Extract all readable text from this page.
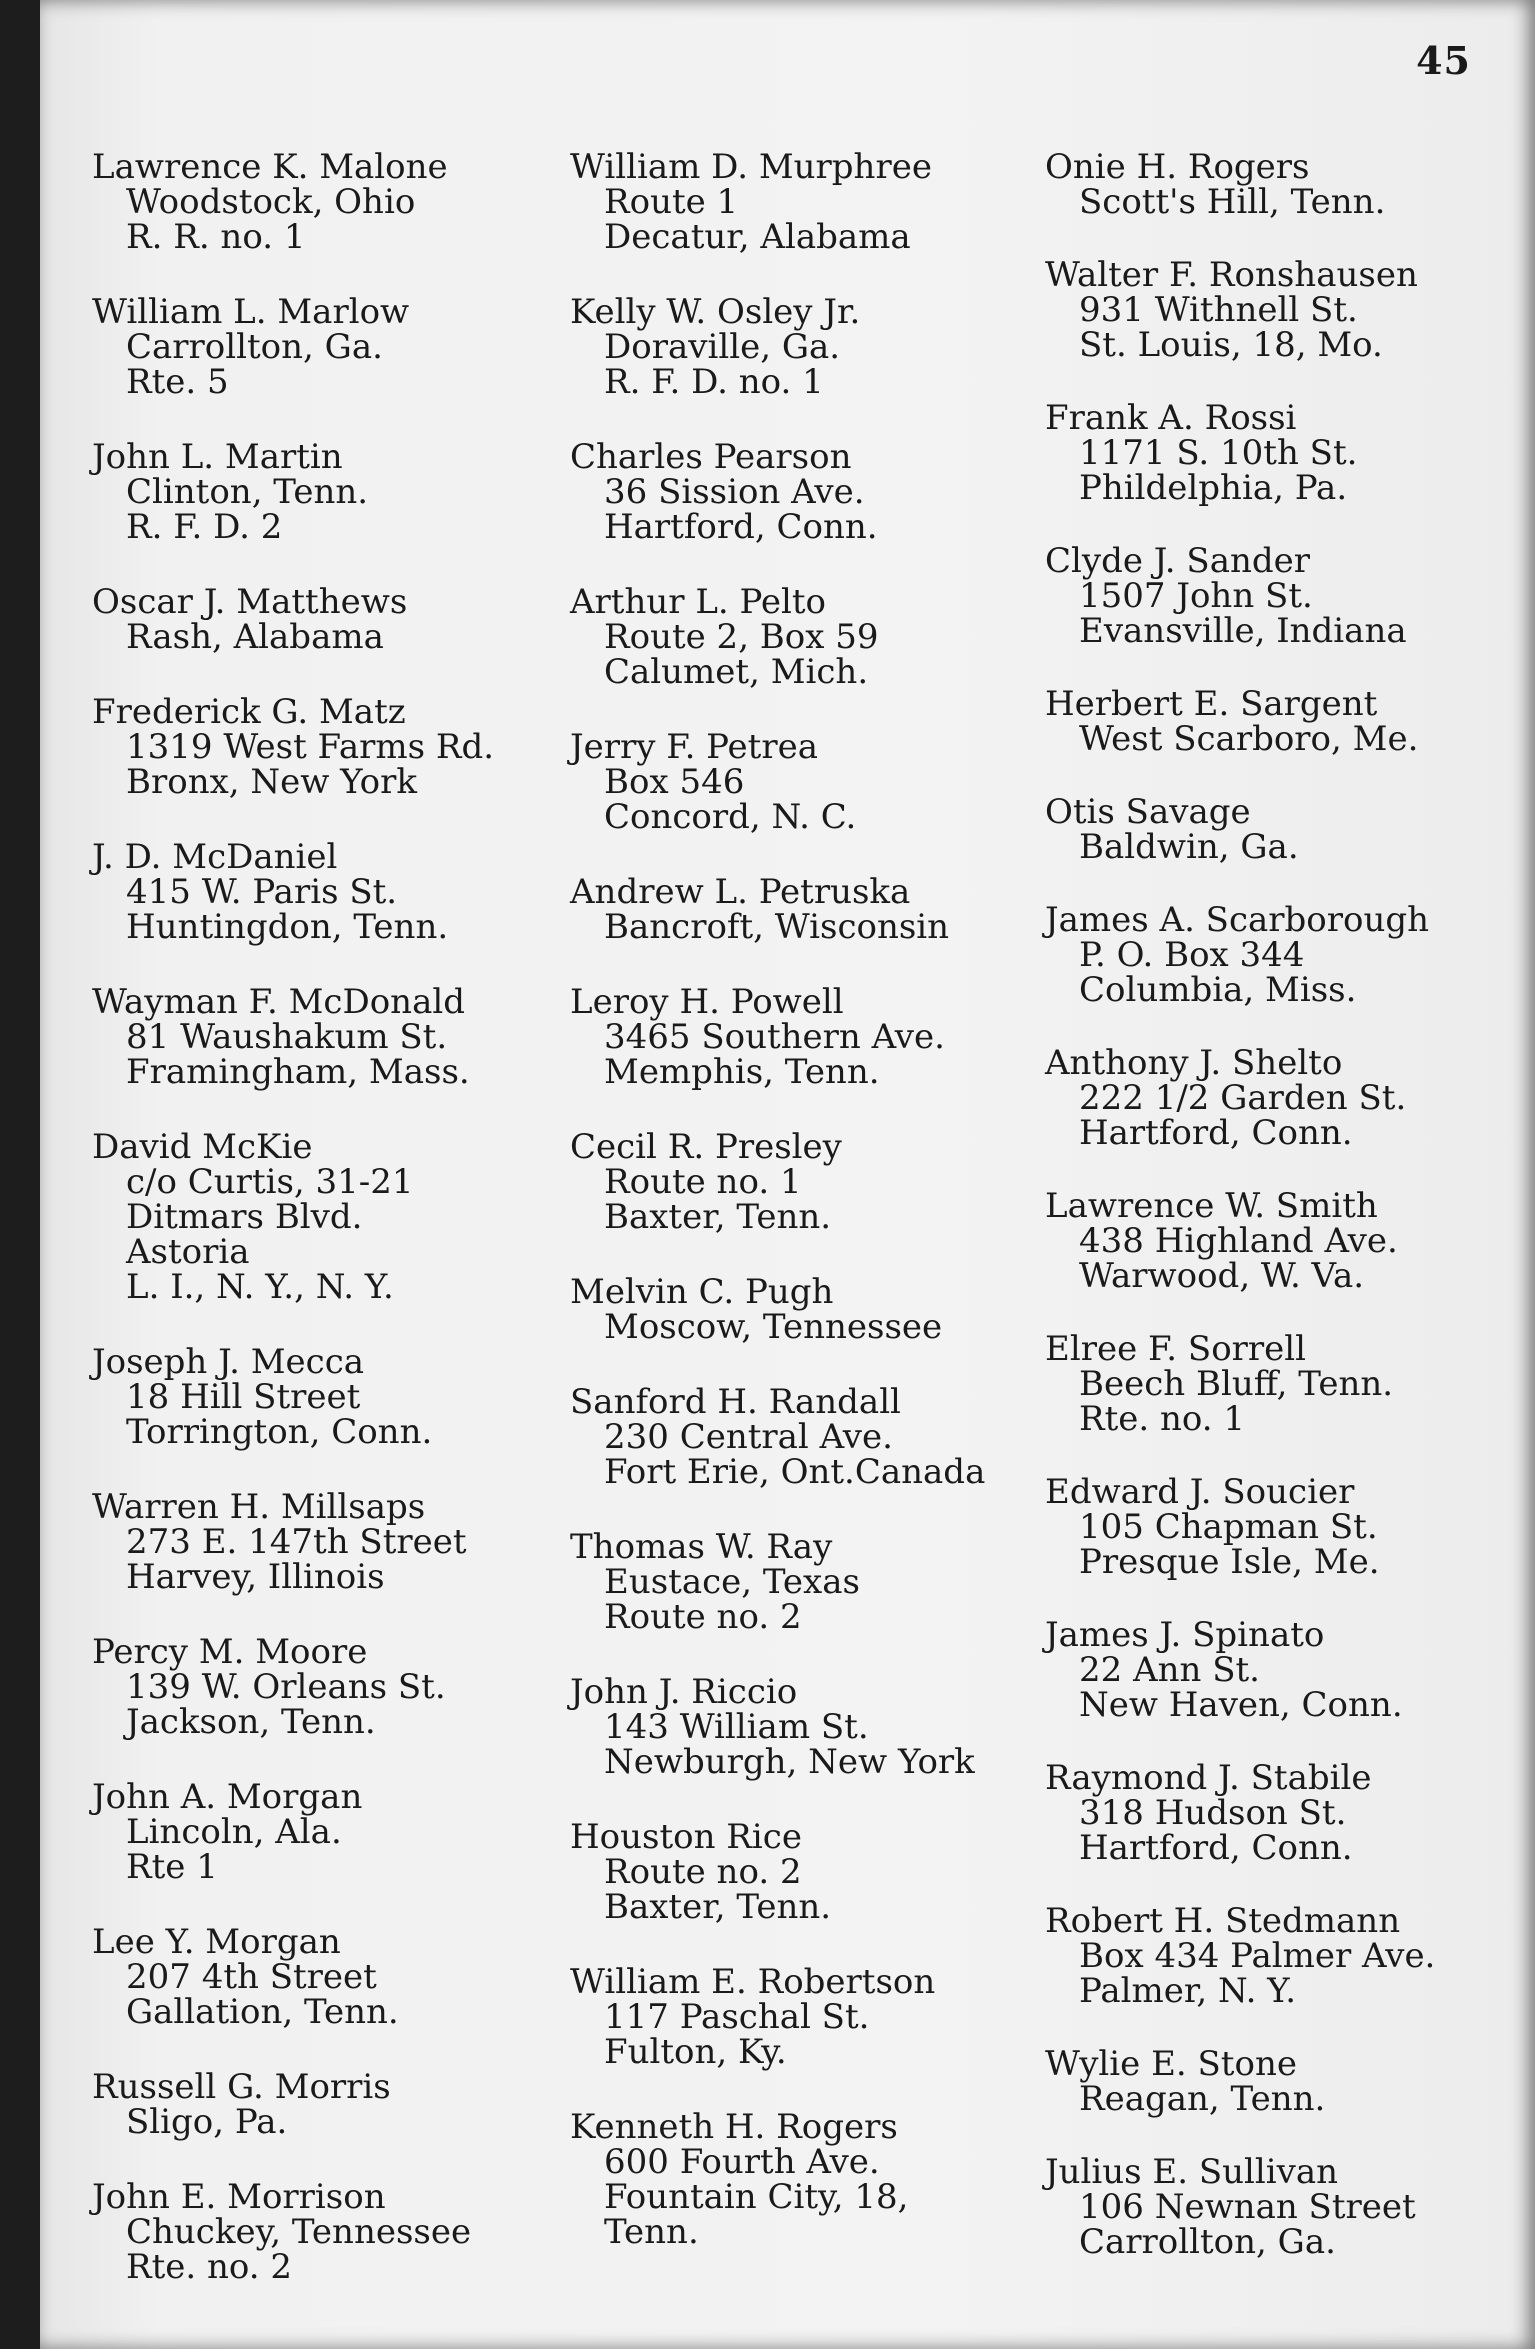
45
Lawrence K. Malone
Woodstock, Ohio
R. R. no. 1
William L. Marlow
Carrollton, Ga.
Rte. 5
John L. Martin
Clinton, Tenn.
R. F. D. 2
Oscar J. Matthews
Rash, Alabama
Frederick G. Matz
1319 West Farms Rd.
Bronx, New York
J. D. McDaniel
415 W. Paris St.
Huntingdon, Tenn.
Wayman F. McDonald
81 Waushakum St.
Framingham, Mass.
David McKie
c/o Curtis, 31-21
Ditmars Blvd.
Astoria
L. I., N. Y., N. Y.
Joseph J. Mecca
18 Hill Street
Torrington, Conn.
Warren H. Millsaps
273 E. 147th Street
Harvey, Illinois
Percy M. Moore
139 W. Orleans St.
Jackson, Tenn.
John A. Morgan
Lincoln, Ala.
Rte 1
Lee Y. Morgan
207 4th Street
Gallation, Tenn.
Russell G. Morris
Sligo, Pa.
John E. Morrison
Chuckey, Tennessee
Rte. no. 2
William D. Murphree
Route 1
Decatur, Alabama
Kelly W. Osley Jr.
Doraville, Ga.
R. F. D. no. 1
Charles Pearson
36 Sission Ave.
Hartford, Conn.
Arthur L. Pelto
Route 2, Box 59
Calumet, Mich.
Jerry F. Petrea
Box 546
Concord, N. C.
Andrew L. Petruska
Bancroft, Wisconsin
Leroy H. Powell
3465 Southern Ave.
Memphis, Tenn.
Cecil R. Presley
Route no. 1
Baxter, Tenn.
Melvin C. Pugh
Moscow, Tennessee
Sanford H. Randall
230 Central Ave.
Fort Erie, Ont.Canada
Thomas W. Ray
Eustace, Texas
Route no. 2
John J. Riccio
143 William St.
Newburgh, New York
Houston Rice
Route no. 2
Baxter, Tenn.
William E. Robertson
117 Paschal St.
Fulton, Ky.
Kenneth H. Rogers
600 Fourth Ave.
Fountain City, 18,
Tenn.
Onie H. Rogers
Scott's Hill, Tenn.
Walter F. Ronshausen
931 Withnell St.
St. Louis, 18, Mo.
Frank A. Rossi
1171 S. 10th St.
Phildelphia, Pa.
Clyde J. Sander
1507 John St.
Evansville, Indiana
Herbert E. Sargent
West Scarboro, Me.
Otis Savage
Baldwin, Ga.
James A. Scarborough
P. O. Box 344
Columbia, Miss.
Anthony J. Shelto
222 1/2 Garden St.
Hartford, Conn.
Lawrence W. Smith
438 Highland Ave.
Warwood, W. Va.
Elree F. Sorrell
Beech Bluff, Tenn.
Rte. no. 1
Edward J. Soucier
105 Chapman St.
Presque Isle, Me.
James J. Spinato
22 Ann St.
New Haven, Conn.
Raymond J. Stabile
318 Hudson St.
Hartford, Conn.
Robert H. Stedmann
Box 434 Palmer Ave.
Palmer, N. Y.
Wylie E. Stone
Reagan, Tenn.
Julius E. Sullivan
106 Newnan Street
Carrollton, Ga.
